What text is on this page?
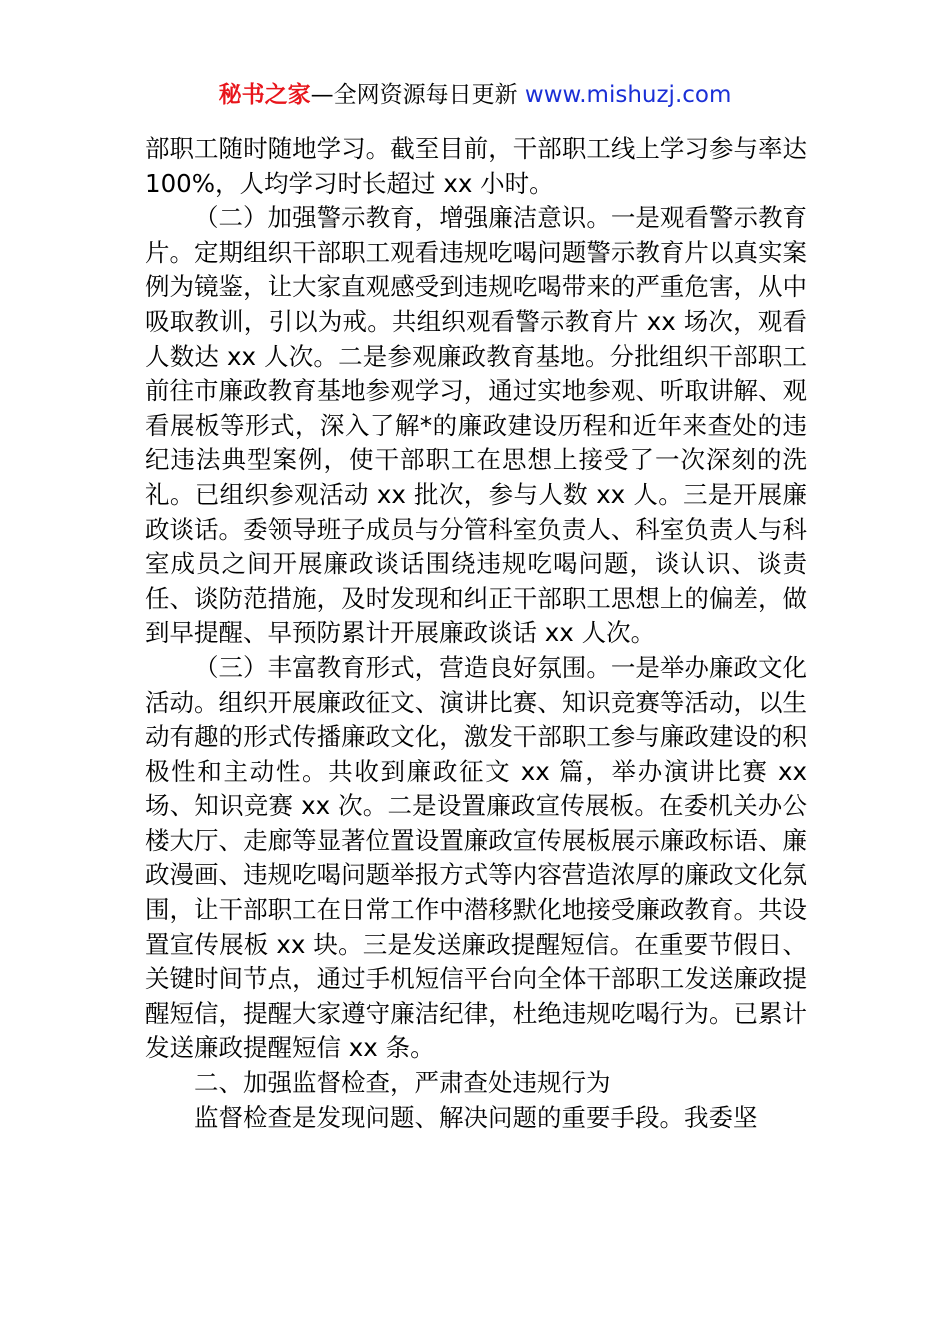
秘书之家—全网资源每日更新 www.mishuzj.com

部职工随时随地学习。截至目前，干部职工线上学习参与率达 100%，人均学习时长超过 xx 小时。

（二）加强警示教育，增强廉洁意识。一是观看警示教育片。定期组织干部职工观看违规吃喝问题警示教育片以真实案例为镜鉴，让大家直观感受到违规吃喝带来的严重危害，从中吸取教训，引以为戒。共组织观看警示教育片 xx 场次，观看人数达 xx 人次。二是参观廉政教育基地。分批组织干部职工前往市廉政教育基地参观学习，通过实地参观、听取讲解、观看展板等形式，深入了解*的廉政建设历程和近年来查处的违纪违法典型案例，使干部职工在思想上接受了一次深刻的洗礼。已组织参观活动 xx 批次，参与人数 xx 人。三是开展廉政谈话。委领导班子成员与分管科室负责人、科室负责人与科室成员之间开展廉政谈话围绕违规吃喝问题，谈认识、谈责任、谈防范措施，及时发现和纠正干部职工思想上的偏差，做到早提醒、早预防累计开展廉政谈话 xx 人次。

（三）丰富教育形式，营造良好氛围。一是举办廉政文化活动。组织开展廉政征文、演讲比赛、知识竞赛等活动，以生动有趣的形式传播廉政文化，激发干部职工参与廉政建设的积极性和主动性。共收到廉政征文 xx 篇，举办演讲比赛 xx 场、知识竞赛 xx 次。二是设置廉政宣传展板。在委机关办公楼大厅、走廊等显著位置设置廉政宣传展板展示廉政标语、廉政漫画、违规吃喝问题举报方式等内容营造浓厚的廉政文化氛围，让干部职工在日常工作中潜移默化地接受廉政教育。共设置宣传展板 xx 块。三是发送廉政提醒短信。在重要节假日、关键时间节点，通过手机短信平台向全体干部职工发送廉政提醒短信，提醒大家遵守廉洁纪律，杜绝违规吃喝行为。已累计发送廉政提醒短信 xx 条。

二、加强监督检查，严肃查处违规行为

监督检查是发现问题、解决问题的重要手段。我委坚
